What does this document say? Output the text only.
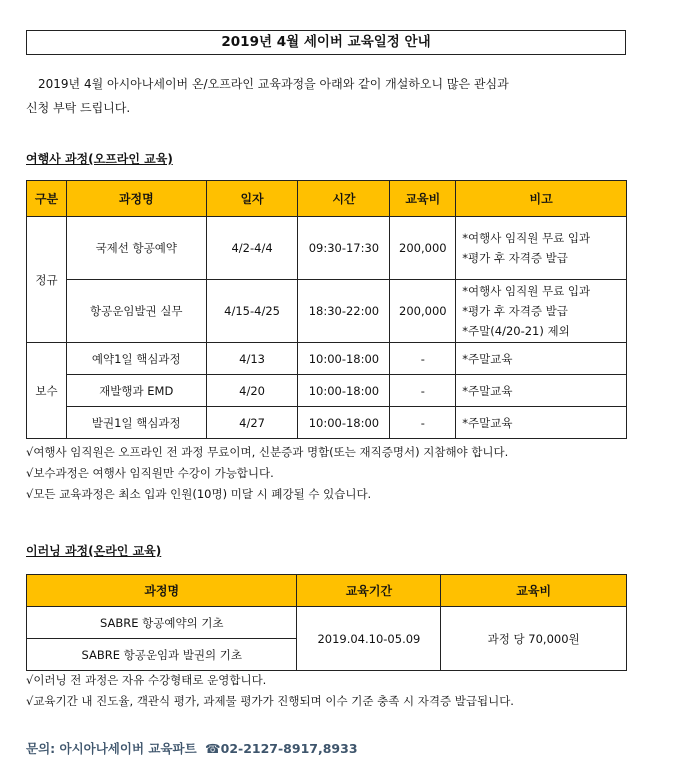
2019년 4월 세이버 교육일정 안내
2019년 4월 아시아나세이버 온/오프라인 교육과정을 아래와 같이 개설하오니 많은 관심과
신청 부탁 드립니다.
여행사 과정(오프라인 교육)
구분	과정명	일자	시간	교육비	비고
정규	국제선 항공예약	4/2-4/4	09:30-17:30	200,000	*여행사 임직원 무료 입과
*평가 후 자격증 발급

	항공운임발권 실무	4/15-4/25	18:30-22:00	200,000	*여행사 임직원 무료 입과
*평가 후 자격증 발급
*주말(4/20-21) 제외

보수	예약1일 핵심과정	4/13	10:00-18:00	-	*주말교육

	재발행과 EMD	4/20	10:00-18:00	-	*주말교육

	발권1일 핵심과정	4/27	10:00-18:00	-	*주말교육
√여행사 임직원은 오프라인 전 과정 무료이며, 신분증과 명함(또는 재직증명서) 지참해야 합니다.
√보수과정은 여행사 임직원만 수강이 가능합니다.
√모든 교육과정은 최소 입과 인원(10명) 미달 시 폐강될 수 있습니다.
이러닝 과정(온라인 교육)
과정명	교육기간	교육비
SABRE 항공예약의 기초	2019.04.10-05.09	과정 당 70,000원
SABRE 항공운임과 발권의 기초		
√이러닝 전 과정은 자유 수강형태로 운영합니다.
√교육기간 내 진도율, 객관식 평가, 과제물 평가가 진행되며 이수 기준 충족 시 자격증 발급됩니다.
문의: 아시아나세이버 교육파트 ☎02-2127-8917,8933
